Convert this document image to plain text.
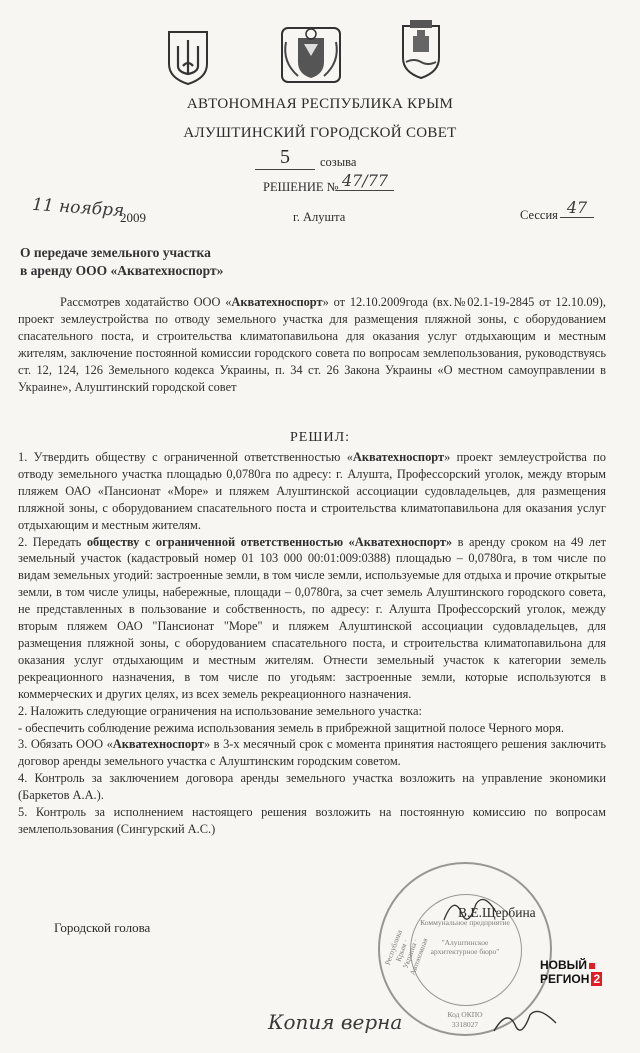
АВТОНОМНАЯ РЕСПУБЛИКА КРЫМ
АЛУШТИНСКИЙ ГОРОДСКОЙ СОВЕТ
5	созыва
РЕШЕНИЕ № 47/77
11 ноября
2009	г. Алушта	Сессия 47
О передаче земельного участка
в аренду ООО «Акватехноспорт»

Рассмотрев ходатайство ООО «Акватехноспорт» от 12.10.2009года (вх.№02.1-19-2845 от 12.10.09), проект землеустройства по отводу земельного участка для размещения пляжной зоны, с оборудованием спасательного поста, и строительства климатопавильона для оказания услуг отдыхающим и местным жителям, заключение постоянной комиссии городского совета по вопросам землепользования, руководствуясь ст. 12, 124, 126 Земельного кодекса Украины, п. 34 ст. 26 Закона Украины «О местном самоуправлении в Украине», Алуштинский городской совет

РЕШИЛ:

1. Утвердить обществу с ограниченной ответственностью «Акватехноспорт» проект землеустройства по отводу земельного участка площадью 0,0780га по адресу: г. Алушта, Профессорский уголок, между вторым пляжем ОАО «Пансионат «Море» и пляжем Алуштинской ассоциации судовладельцев, для размещения пляжной зоны, с оборудованием спасательного поста и строительства климатопавильона для оказания услуг отдыхающим и местным жителям.

2. Передать обществу с ограниченной ответственностью «Акватехноспорт» в аренду сроком на 49 лет земельный участок (кадастровый номер 01 103 000 00:01:009:0388) площадью – 0,0780га, в том числе по видам земельных угодий: застроенные земли, в том числе земли, используемые для отдыха и прочие открытые земли, в том числе улицы, набережные, площади – 0,0780га, за счет земель Алуштинского городского совета, не представленных в пользование и собственность, по адресу: г. Алушта Профессорский уголок, между вторым пляжем ОАО "Пансионат "Море" и пляжем Алуштинской ассоциации судовладельцев, для размещения пляжной зоны, с оборудованием спасательного поста, и строительства климатопавильона для оказания услуг отдыхающим и местным жителям. Отнести земельный участок к категории земель рекреационного назначения, в том числе по угодьям: застроенные земли, которые используются в коммерческих и других целях, из всех земель рекреационного назначения.

2. Наложить следующие ограничения на использование земельного участка:

- обеспечить соблюдение режима использования земель в прибрежной защитной полосе Черного моря.

3. Обязать ООО «Акватехноспорт» в 3-х месячный срок с момента принятия настоящего решения заключить договор аренды земельного участка с Алуштинским городским советом.

4. Контроль за заключением договора аренды земельного участка возложить на управление экономики (Баркетов А.А.).

5. Контроль за исполнением настоящего решения возложить на постоянную комиссию по вопросам землепользования (Сингурский А.С.)

Республика Крым · Украина · Автономная
Коммунальное предприятие
"Алуштинское архитектурное бюро"
Код ОКПО
3318027
Городской голова
В.Е.Щербина
Копия верна
НОВЫЙ
РЕГИОН 2
